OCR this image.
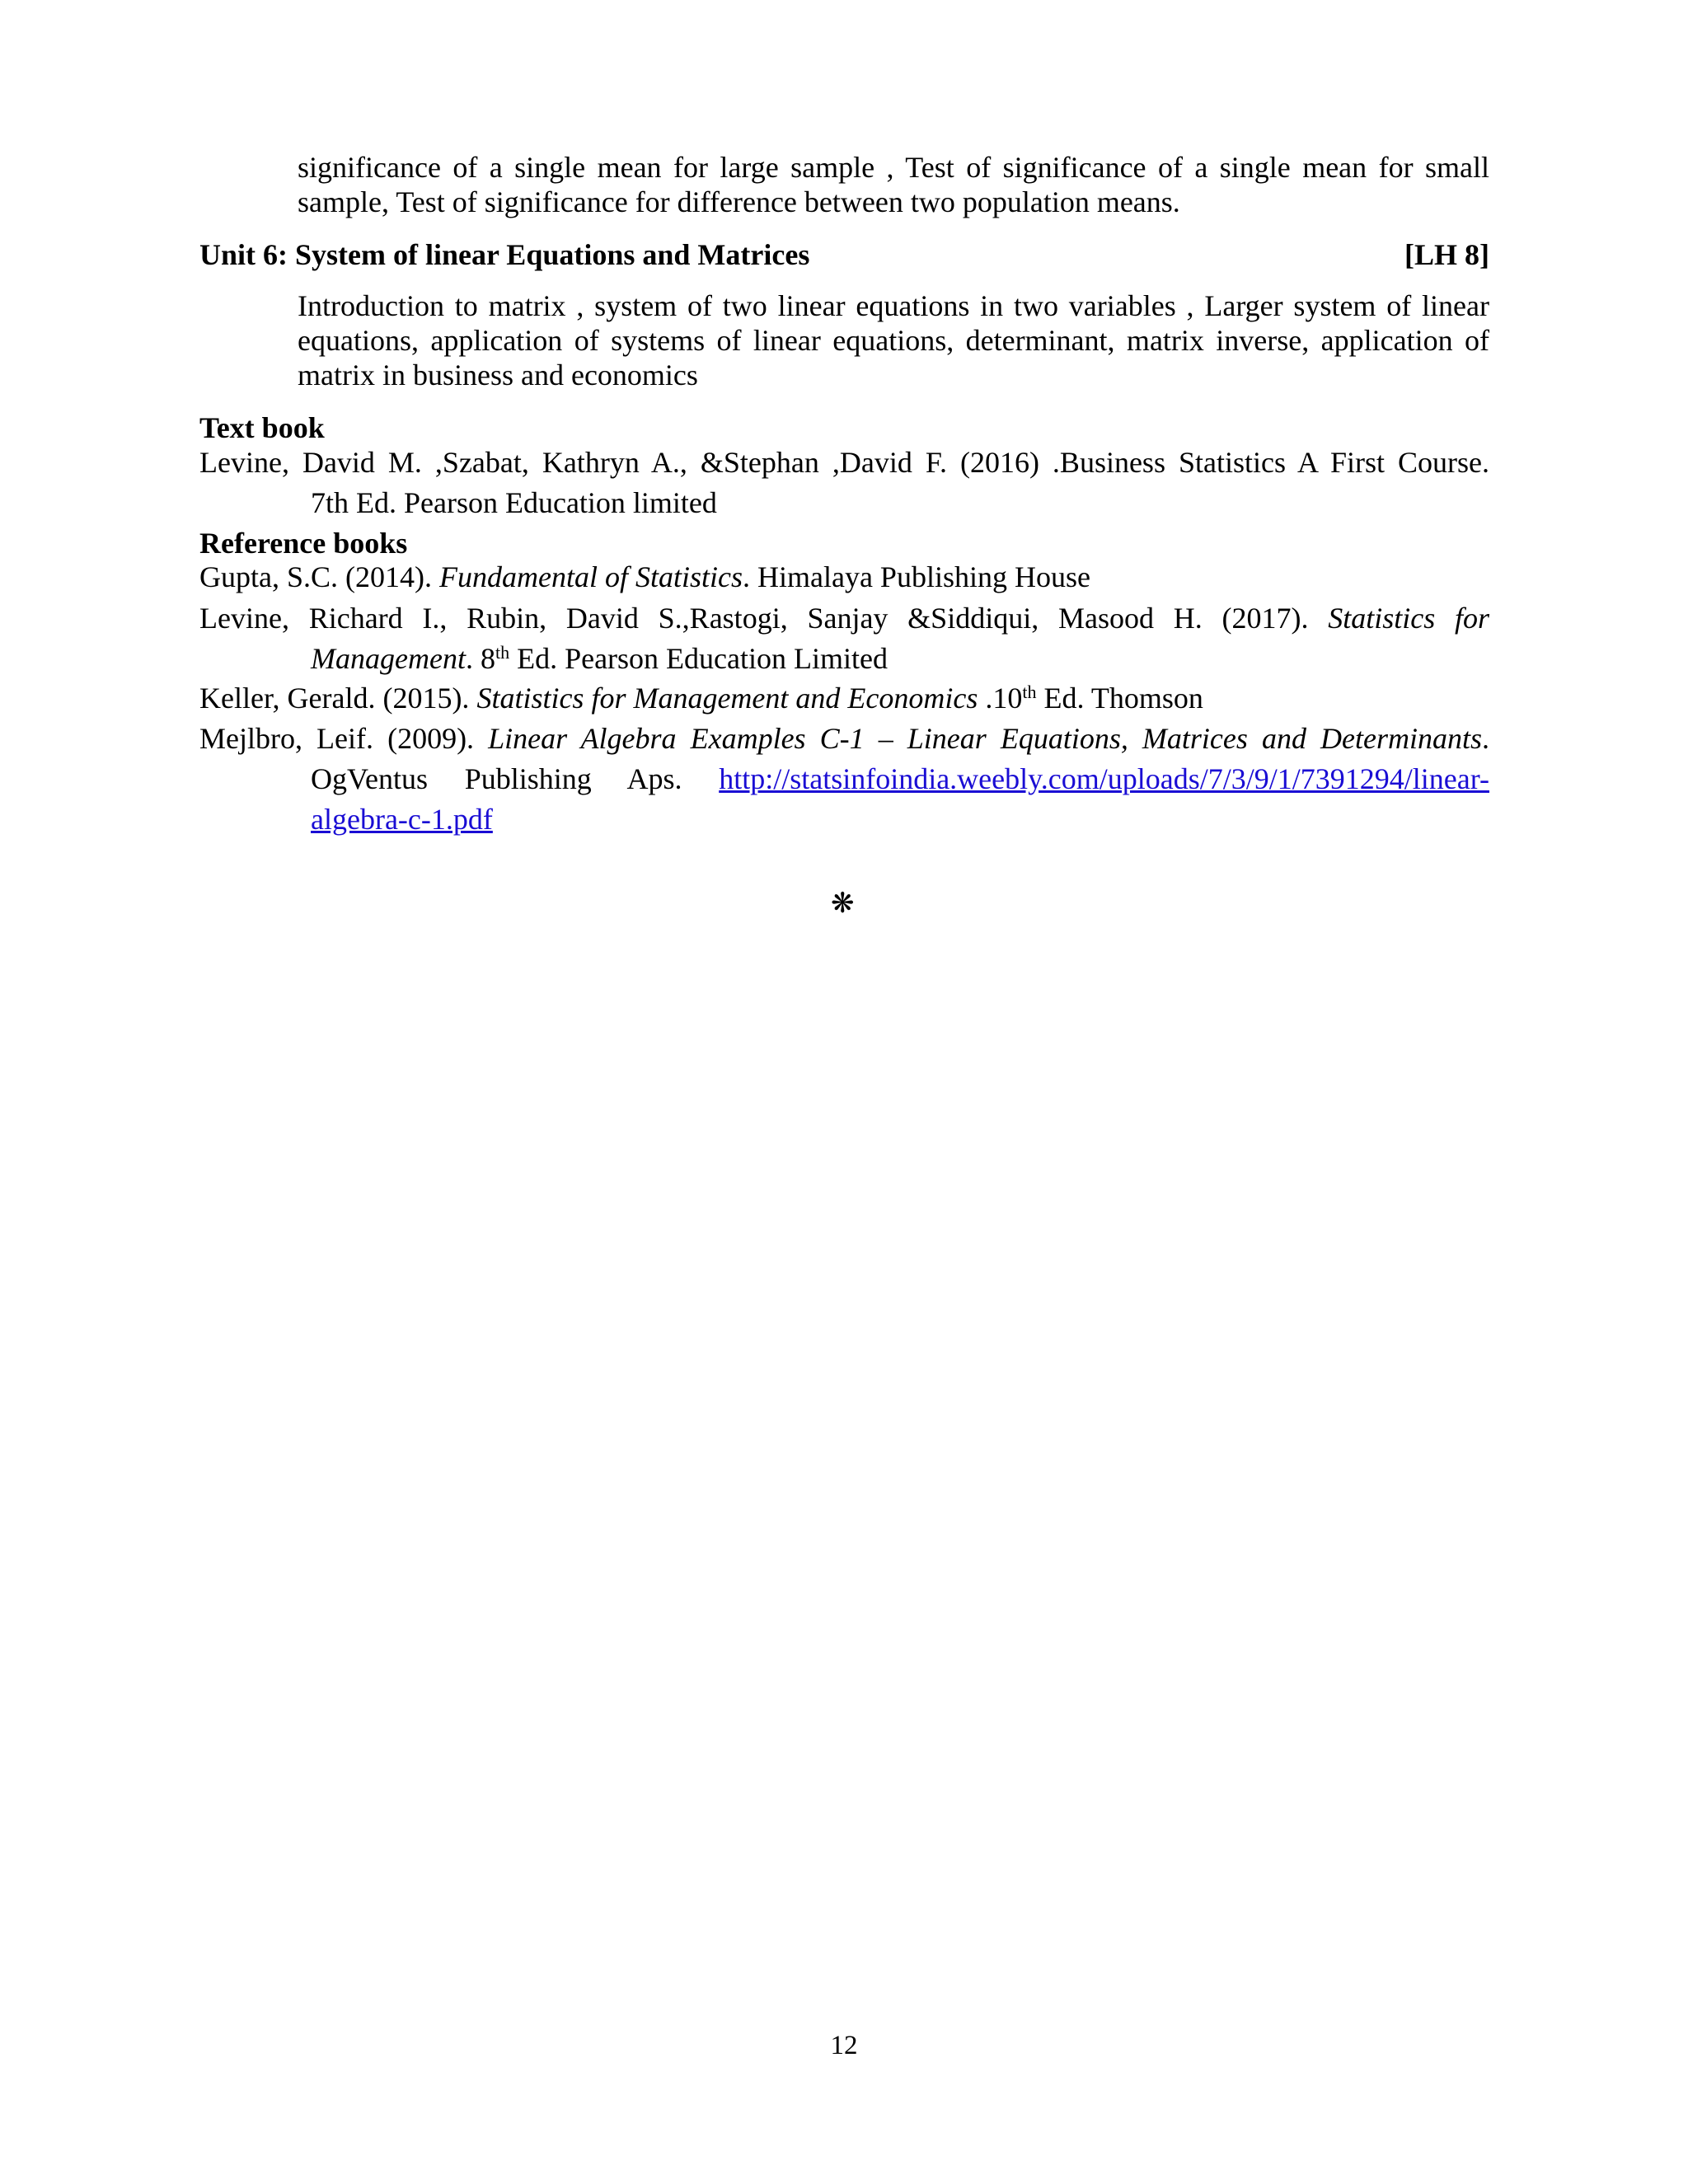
significance of a single mean for large sample , Test of significance of a single mean for small sample, Test of significance for difference between two population means.

Unit 6: System of linear Equations and Matrices	[LH 8]

Introduction to matrix , system of two linear equations in two variables , Larger system of linear equations, application of systems of linear equations, determinant, matrix inverse, application of matrix in business and economics

Text book
Levine, David M. ,Szabat, Kathryn A., &Stephan ,David F. (2016) .Business Statistics A First Course.
7th Ed. Pearson Education limited
Reference books
Gupta, S.C. (2014). Fundamental of Statistics. Himalaya Publishing House
Levine, Richard I., Rubin, David S.,Rastogi, Sanjay &Siddiqui, Masood H. (2017). Statistics for Management. 8th Ed. Pearson Education Limited
Keller, Gerald. (2015). Statistics for Management and Economics .10th Ed. Thomson
Mejlbro, Leif. (2009). Linear Algebra Examples C-1 – Linear Equations, Matrices and Determinants. OgVentus Publishing Aps. http://statsinfoindia.weebly.com/uploads/7/3/9/1/7391294/linear- algebra-c-1.pdf
❋
12
